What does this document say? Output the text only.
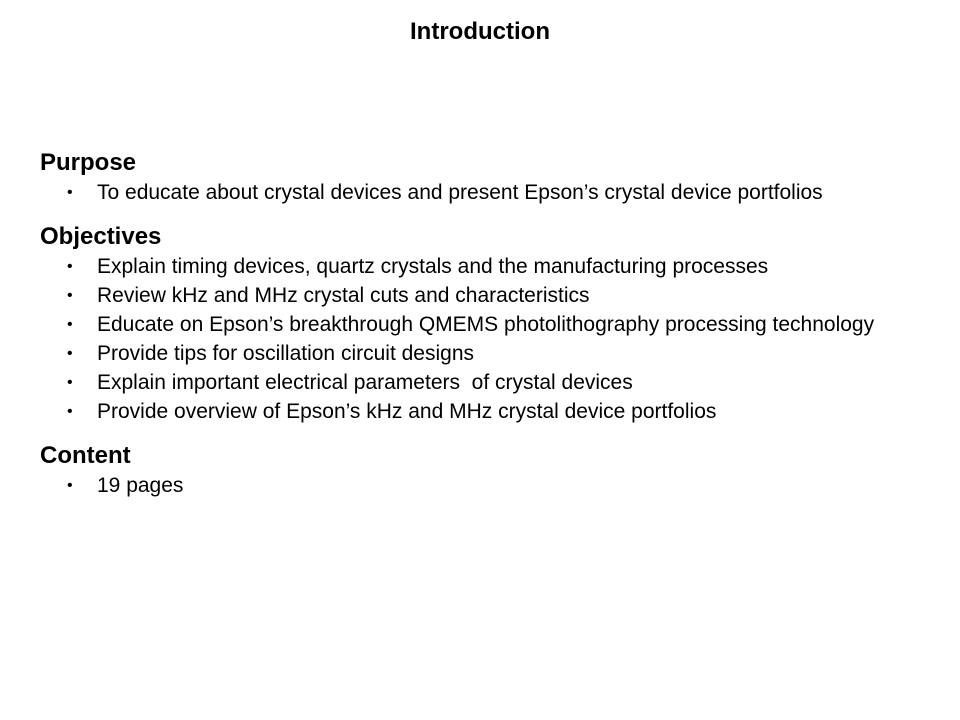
Introduction
Purpose
• To educate about crystal devices and present Epson’s crystal device portfolios
Objectives
• Explain timing devices, quartz crystals and the manufacturing processes
• Review kHz and MHz crystal cuts and characteristics
• Educate on Epson’s breakthrough QMEMS photolithography processing technology
• Provide tips for oscillation circuit designs
• Explain important electrical parameters  of crystal devices
• Provide overview of Epson’s kHz and MHz crystal device portfolios
Content
• 19 pages
